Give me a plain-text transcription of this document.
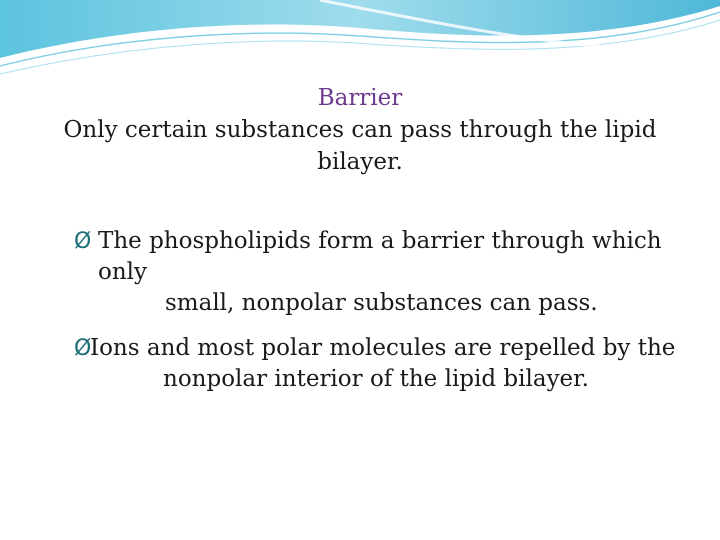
Barrier

Only certain substances can pass through the lipid
bilayer.

Ø The phospholipids form a barrier through which only
small, nonpolar substances can pass.
Ø
Ions and most polar molecules are repelled by the
nonpolar interior of the lipid bilayer.
